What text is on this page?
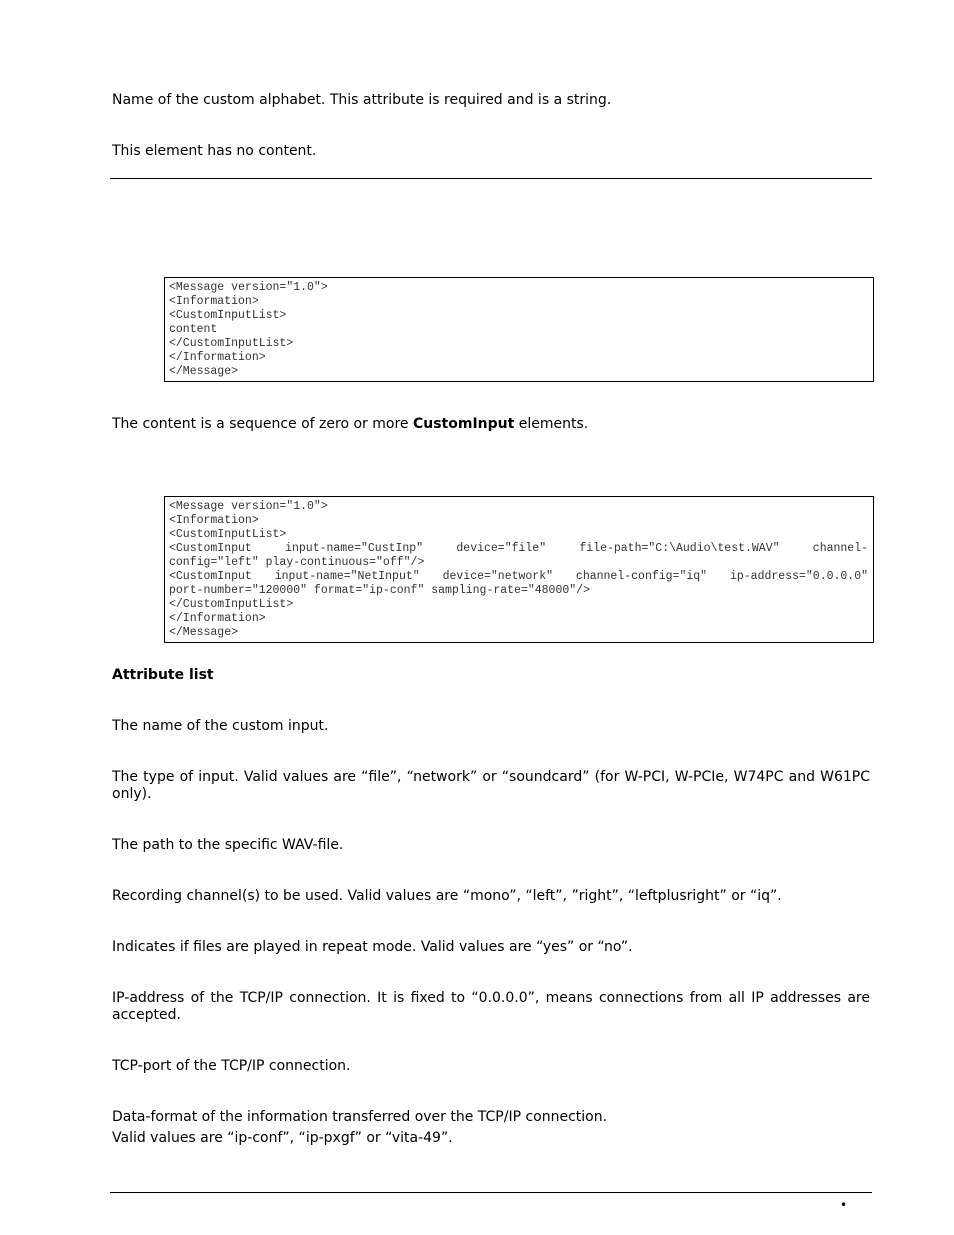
Name of the custom alphabet. This attribute is required and is a string.

This element has no content.

<Message version="1.0">
<Information>
<CustomInputList>
content
</CustomInputList>
</Information>
</Message>

The content is a sequence of zero or more CustomInput elements.

<Message version="1.0">
<Information>
<CustomInputList>
<CustomInput input-name="CustInp" device="file" file-path="C:\Audio\test.WAV" channel-
config="left" play-continuous="off"/>
<CustomInput input-name="NetInput" device="network" channel-config="iq" ip-address="0.0.0.0"
port-number="120000" format="ip-conf" sampling-rate="48000"/>
</CustomInputList>
</Information>
</Message>

Attribute list

The name of the custom input.

The type of input. Valid values are “file”, “network” or “soundcard” (for W-PCI, W-PCIe, W74PC and W61PC only).

The path to the specific WAV-file.

Recording channel(s) to be used. Valid values are “mono”, “left”, ”right”, “leftplusright” or “iq”.

Indicates if files are played in repeat mode. Valid values are “yes” or “no”.

IP-address of the TCP/IP connection. It is fixed to “0.0.0.0”, means connections from all IP addresses are accepted.

TCP-port of the TCP/IP connection.

Data-format of the information transferred over the TCP/IP connection.

Valid values are “ip-conf”, “ip-pxgf” or “vita-49”.

•
